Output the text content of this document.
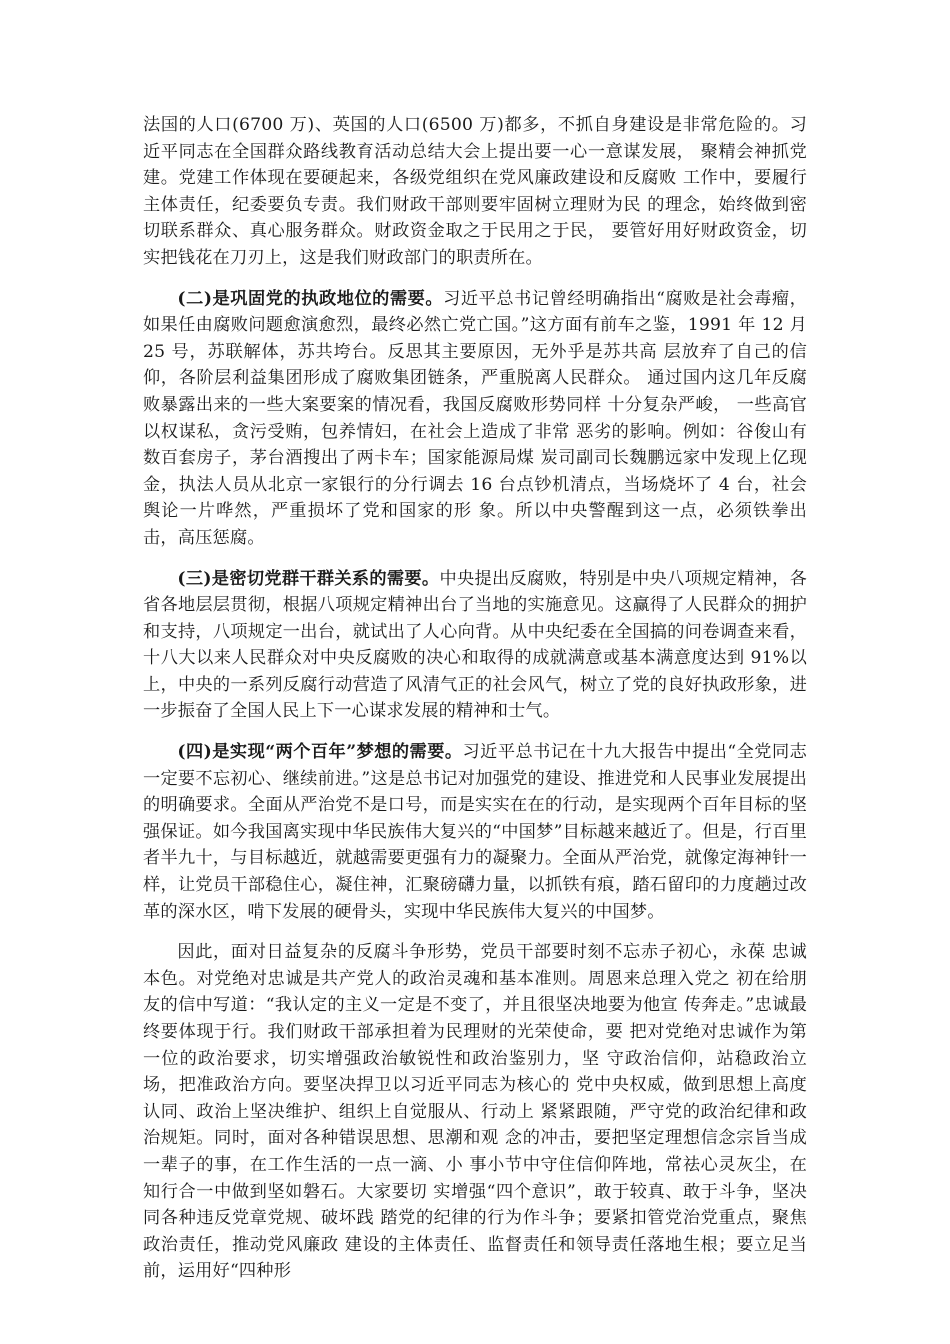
法国的人口(6700 万)、英国的人口(6500 万)都多，不抓自身建设是非常危险的。习近平同志在全国群众路线教育活动总结大会上提出要一心一意谋发展， 聚精会神抓党建。党建工作体现在要硬起来，各级党组织在党风廉政建设和反腐败 工作中，要履行主体责任，纪委要负专责。我们财政干部则要牢固树立理财为民 的理念，始终做到密切联系群众、真心服务群众。财政资金取之于民用之于民， 要管好用好财政资金，切实把钱花在刀刃上，这是我们财政部门的职责所在。

(二)是巩固党的执政地位的需要。习近平总书记曾经明确指出“腐败是社会毒瘤，如果任由腐败问题愈演愈烈，最终必然亡党亡国。”这方面有前车之鉴，1991 年 12 月 25 号，苏联解体，苏共垮台。反思其主要原因，无外乎是苏共高 层放弃了自己的信仰，各阶层利益集团形成了腐败集团链条，严重脱离人民群众。 通过国内这几年反腐败暴露出来的一些大案要案的情况看，我国反腐败形势同样 十分复杂严峻， 一些高官以权谋私，贪污受贿，包养情妇，在社会上造成了非常 恶劣的影响。例如：谷俊山有数百套房子，茅台酒搜出了两卡车；国家能源局煤 炭司副司长魏鹏远家中发现上亿现金，执法人员从北京一家银行的分行调去 16 台点钞机清点，当场烧坏了 4 台，社会舆论一片哗然，严重损坏了党和国家的形 象。所以中央警醒到这一点，必须铁拳出击，高压惩腐。

(三)是密切党群干群关系的需要。中央提出反腐败，特别是中央八项规定精神，各省各地层层贯彻，根据八项规定精神出台了当地的实施意见。这赢得了人民群众的拥护和支持，八项规定一出台，就试出了人心向背。从中央纪委在全国搞的问卷调查来看，十八大以来人民群众对中央反腐败的决心和取得的成就满意或基本满意度达到 91%以上，中央的一系列反腐行动营造了风清气正的社会风气，树立了党的良好执政形象，进一步振奋了全国人民上下一心谋求发展的精神和士气。

(四)是实现“两个百年”梦想的需要。习近平总书记在十九大报告中提出“全党同志一定要不忘初心、继续前进。”这是总书记对加强党的建设、推进党和人民事业发展提出的明确要求。全面从严治党不是口号，而是实实在在的行动，是实现两个百年目标的坚强保证。如今我国离实现中华民族伟大复兴的“中国梦”目标越来越近了。但是，行百里者半九十，与目标越近，就越需要更强有力的凝聚力。全面从严治党，就像定海神针一样，让党员干部稳住心，凝住神，汇聚磅礴力量，以抓铁有痕，踏石留印的力度趟过改革的深水区，啃下发展的硬骨头，实现中华民族伟大复兴的中国梦。

因此，面对日益复杂的反腐斗争形势，党员干部要时刻不忘赤子初心，永葆 忠诚本色。对党绝对忠诚是共产党人的政治灵魂和基本准则。周恩来总理入党之 初在给朋友的信中写道：“我认定的主义一定是不变了，并且很坚决地要为他宣 传奔走。”忠诚最终要体现于行。我们财政干部承担着为民理财的光荣使命，要 把对党绝对忠诚作为第一位的政治要求，切实增强政治敏锐性和政治鉴别力，坚 守政治信仰，站稳政治立场，把准政治方向。要坚决捍卫以习近平同志为核心的 党中央权威，做到思想上高度认同、政治上坚决维护、组织上自觉服从、行动上 紧紧跟随，严守党的政治纪律和政治规矩。同时，面对各种错误思想、思潮和观 念的冲击，要把坚定理想信念宗旨当成一辈子的事，在工作生活的一点一滴、小 事小节中守住信仰阵地，常祛心灵灰尘，在知行合一中做到坚如磐石。大家要切 实增强“四个意识”，敢于较真、敢于斗争，坚决同各种违反党章党规、破坏践 踏党的纪律的行为作斗争；要紧扣管党治党重点，聚焦政治责任，推动党风廉政 建设的主体责任、监督责任和领导责任落地生根；要立足当前，运用好“四种形
